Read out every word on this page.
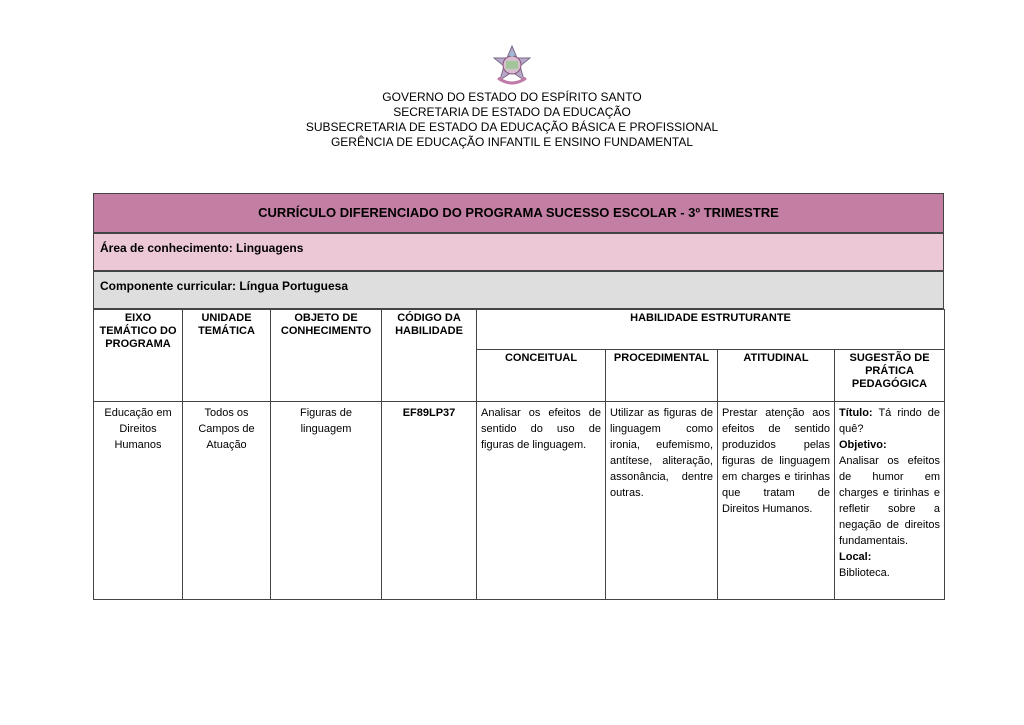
GOVERNO DO ESTADO DO ESPÍRITO SANTO
SECRETARIA DE ESTADO DA EDUCAÇÃO
SUBSECRETARIA DE ESTADO DA EDUCAÇÃO BÁSICA E PROFISSIONAL
GERÊNCIA DE EDUCAÇÃO INFANTIL E ENSINO FUNDAMENTAL
CURRÍCULO DIFERENCIADO DO PROGRAMA SUCESSO ESCOLAR - 3º TRIMESTRE
Área de conhecimento: Linguagens
Componente curricular: Língua Portuguesa
EIXO TEMÁTICO DO PROGRAMA	UNIDADE TEMÁTICA	OBJETO DE CONHECIMENTO	CÓDIGO DA HABILIDADE	HABILIDADE ESTRUTURANTE			
				CONCEITUAL	PROCEDIMENTAL	ATITUDINAL	SUGESTÃO DE PRÁTICA PEDAGÓGICA
Educação em Direitos Humanos	Todos os Campos de Atuação	Figuras de linguagem	EF89LP37	Analisar os efeitos de sentido do uso de figuras de linguagem.	Utilizar as figuras de linguagem como ironia, eufemismo, antítese, aliteração, assonância, dentre outras.	Prestar atenção aos efeitos de sentido produzidos pelas figuras de linguagem em charges e tirinhas que tratam de Direitos Humanos.	Título: Tá rindo de quê?
Objetivo:
Analisar os efeitos de humor em charges e tirinhas e refletir sobre a negação de direitos fundamentais.
Local:
Biblioteca.
